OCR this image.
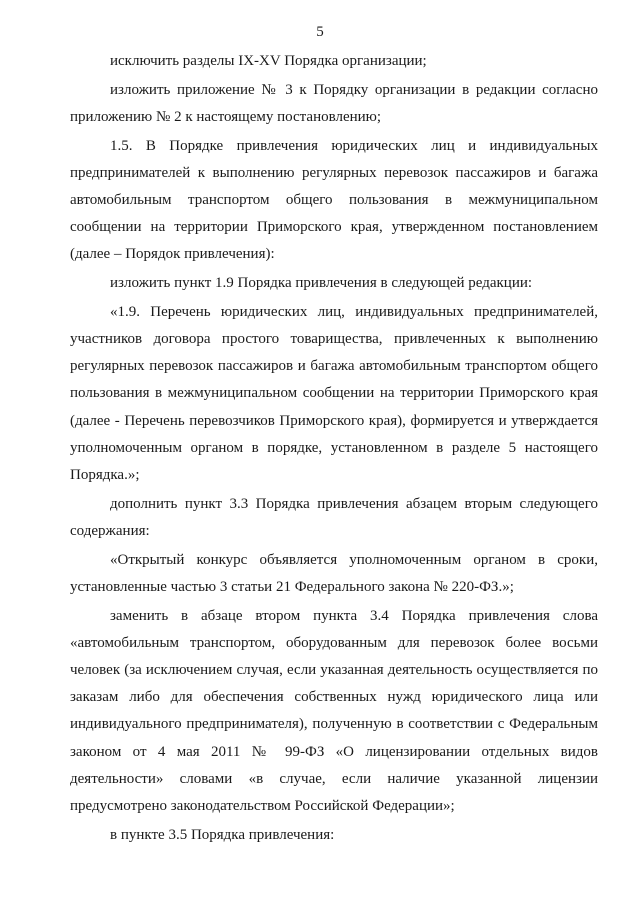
5

исключить разделы IX-XV Порядка организации;

изложить приложение № 3 к Порядку организации в редакции согласно приложению № 2 к настоящему постановлению;

1.5. В Порядке привлечения юридических лиц и индивидуальных предпринимателей к выполнению регулярных перевозок пассажиров и багажа автомобильным транспортом общего пользования в межмуниципальном сообщении на территории Приморского края, утвержденном постановлением (далее – Порядок привлечения):

изложить пункт 1.9 Порядка привлечения в следующей редакции:

«1.9. Перечень юридических лиц, индивидуальных предпринимателей, участников договора простого товарищества, привлеченных к выполнению регулярных перевозок пассажиров и багажа автомобильным транспортом общего пользования в межмуниципальном сообщении на территории Приморского края (далее - Перечень перевозчиков Приморского края), формируется и утверждается уполномоченным органом в порядке, установленном в разделе 5 настоящего Порядка.»;

дополнить пункт 3.3 Порядка привлечения абзацем вторым следующего содержания:

«Открытый конкурс объявляется уполномоченным органом в сроки, установленные частью 3 статьи 21 Федерального закона № 220-ФЗ.»;

заменить в абзаце втором пункта 3.4 Порядка привлечения слова «автомобильным транспортом, оборудованным для перевозок более восьми человек (за исключением случая, если указанная деятельность осуществляется по заказам либо для обеспечения собственных нужд юридического лица или индивидуального предпринимателя), полученную в соответствии с Федеральным законом от 4 мая 2011 № 99-ФЗ «О лицензировании отдельных видов деятельности» словами «в случае, если наличие указанной лицензии предусмотрено законодательством Российской Федерации»;

в пункте 3.5 Порядка привлечения:
